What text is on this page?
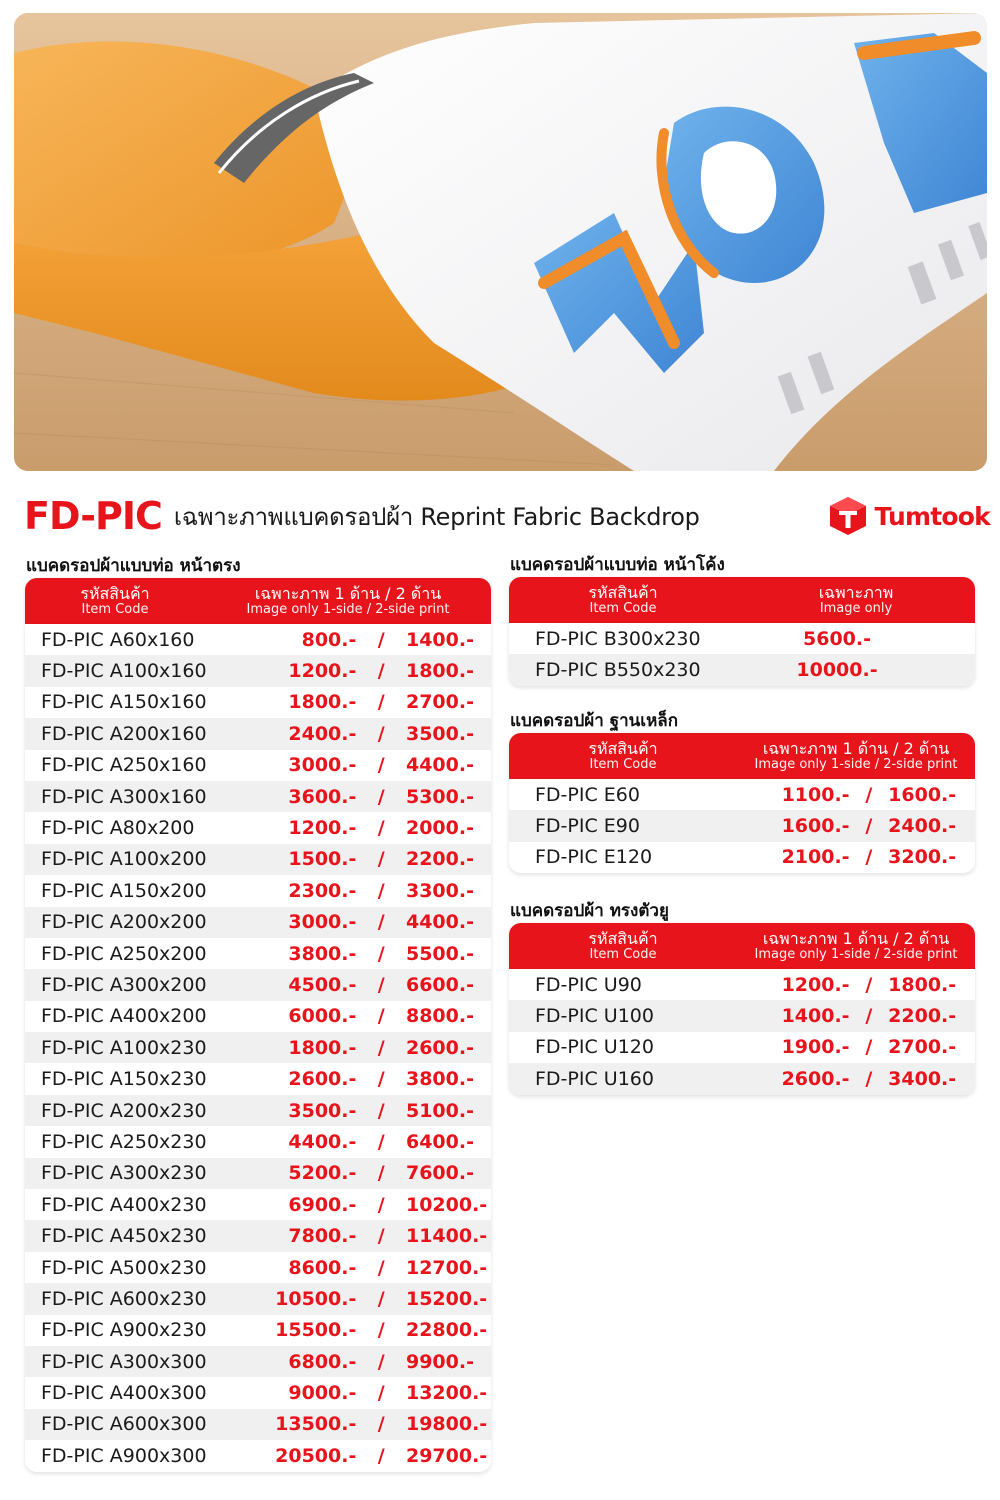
FD-PIC เฉพาะภาพแบคดรอปผ้า Reprint Fabric Backdrop	Tumtook
แบคดรอปผ้าแบบท่อ หน้าตรง	แบคดรอปผ้าแบบท่อ หน้าโค้ง
แบคดรอปผ้า ฐานเหล็ก
แบคดรอปผ้า ทรงตัวยู
รหัสสินค้า
Item Code
เฉพาะภาพ 1 ด้าน / 2 ด้าน
Image only 1-side / 2-side print
FD-PIC A60x160	800.-	/	1400.-
FD-PIC A100x160	1200.-	/	1800.-
FD-PIC A150x160	1800.-	/	2700.-
FD-PIC A200x160	2400.-	/	3500.-
FD-PIC A250x160	3000.-	/	4400.-
FD-PIC A300x160	3600.-	/	5300.-
FD-PIC A80x200	1200.-	/	2000.-
FD-PIC A100x200	1500.-	/	2200.-
FD-PIC A150x200	2300.-	/	3300.-
FD-PIC A200x200	3000.-	/	4400.-
FD-PIC A250x200	3800.-	/	5500.-
FD-PIC A300x200	4500.-	/	6600.-
FD-PIC A400x200	6000.-	/	8800.-
FD-PIC A100x230	1800.-	/	2600.-
FD-PIC A150x230	2600.-	/	3800.-
FD-PIC A200x230	3500.-	/	5100.-
FD-PIC A250x230	4400.-	/	6400.-
FD-PIC A300x230	5200.-	/	7600.-
FD-PIC A400x230	6900.-	/	10200.-
FD-PIC A450x230	7800.-	/	11400.-
FD-PIC A500x230	8600.-	/	12700.-
FD-PIC A600x230	10500.-	/	15200.-
FD-PIC A900x230	15500.-	/	22800.-
FD-PIC A300x300	6800.-	/	9900.-
FD-PIC A400x300	9000.-	/	13200.-
FD-PIC A600x300	13500.-	/	19800.-
FD-PIC A900x300	20500.-	/	29700.-
รหัสสินค้า
Item Code
เฉพาะภาพ
Image only
FD-PIC B300x230	5600.-
FD-PIC B550x230	10000.-
รหัสสินค้า
Item Code
เฉพาะภาพ 1 ด้าน / 2 ด้าน
Image only 1-side / 2-side print
FD-PIC E60	1100.- / 1600.-
FD-PIC E90	1600.- / 2400.-
FD-PIC E120	2100.- / 3200.-
รหัสสินค้า
Item Code
เฉพาะภาพ 1 ด้าน / 2 ด้าน
Image only 1-side / 2-side print
FD-PIC U90	1200.- / 1800.-
FD-PIC U100	1400.- / 2200.-
FD-PIC U120	1900.- / 2700.-
FD-PIC U160	2600.- / 3400.-
